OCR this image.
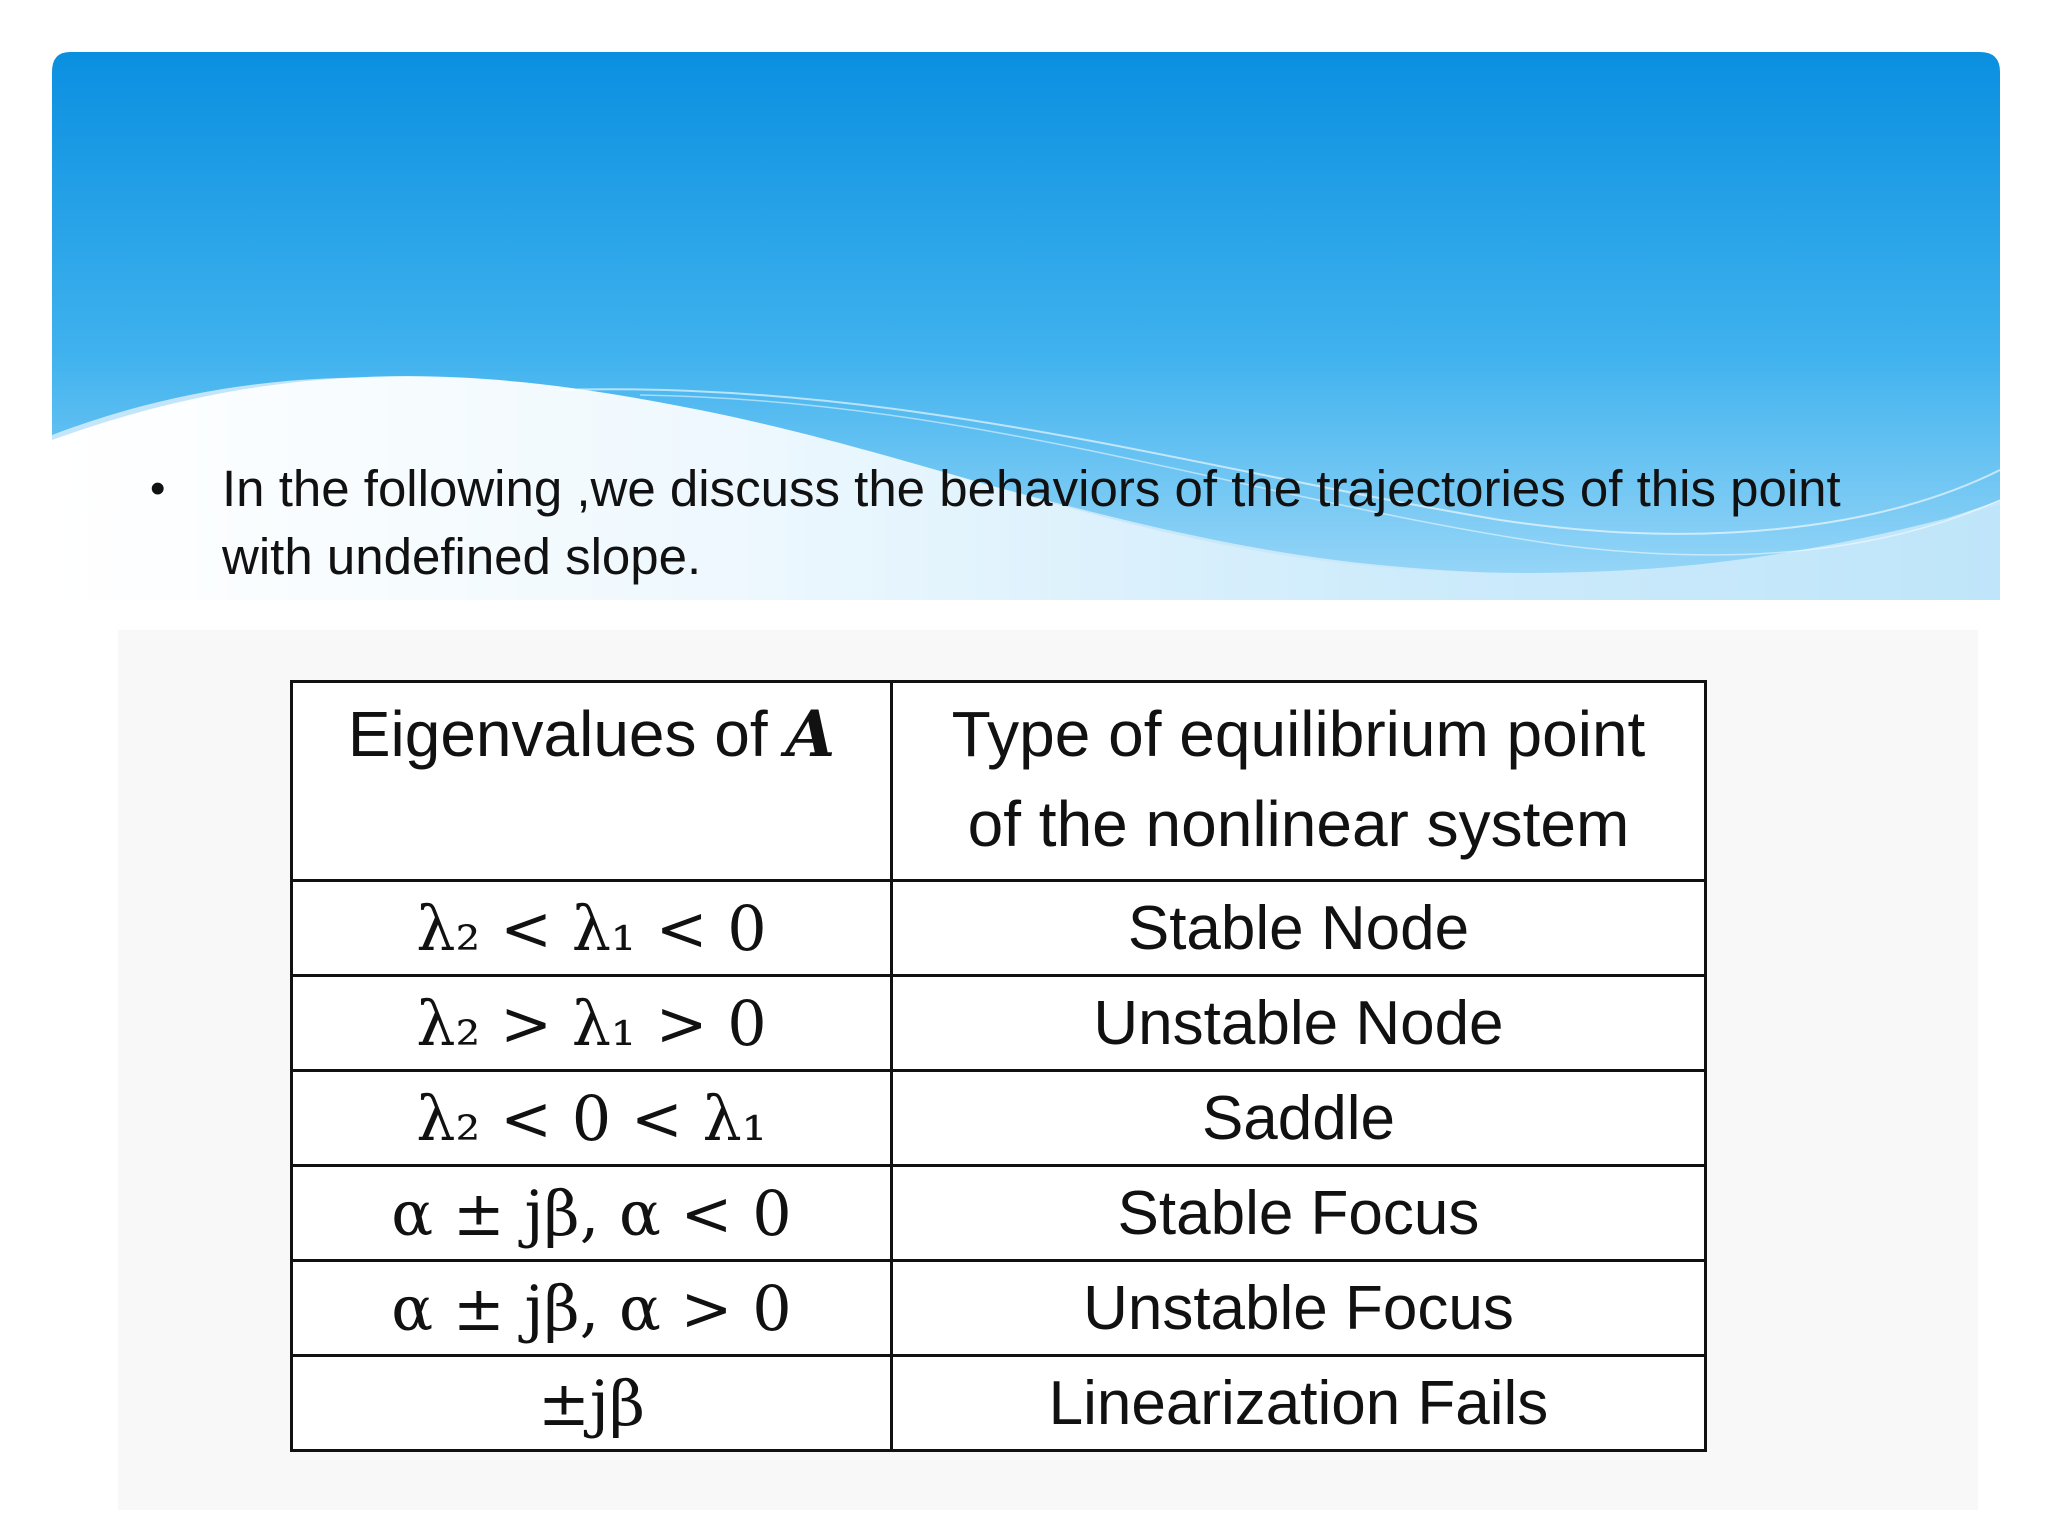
• In the following ,we discuss the behaviors of the trajectories of this point with undefined slope.
Eigenvalues of A	Type of equilibrium point
of the nonlinear system

λ₂ < λ₁ < 0	Stable Node
λ₂ > λ₁ > 0	Unstable Node
λ₂ < 0 < λ₁	Saddle
α ± jβ, α < 0	Stable Focus
α ± jβ, α > 0	Unstable Focus
±jβ	Linearization Fails
